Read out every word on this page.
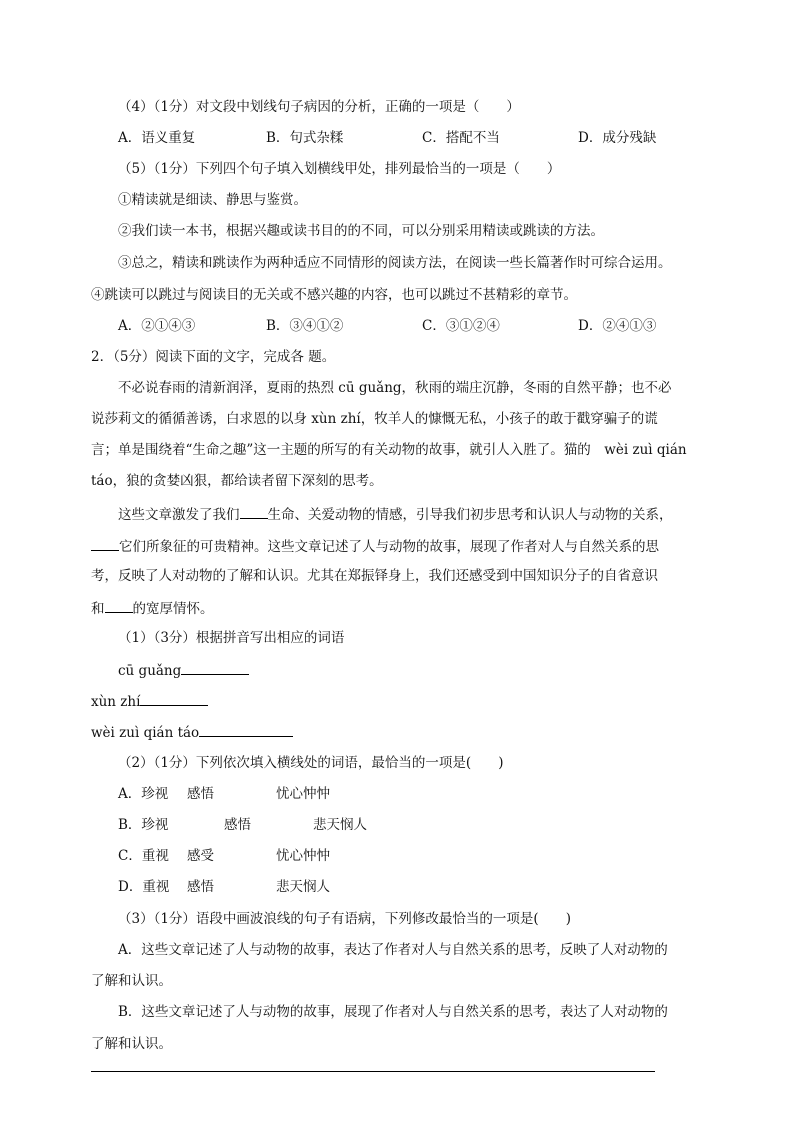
（4）（1分）对文段中划线句子病因的分析，正确的一项是（　　）
A．语义重复	B．句式杂糅	C．搭配不当	D．成分残缺
（5）（1分）下列四个句子填入划横线甲处，排列最恰当的一项是（　　）
①精读就是细读、静思与鉴赏。
②我们读一本书，根据兴趣或读书目的的不同，可以分别采用精读或跳读的方法。
③总之，精读和跳读作为两种适应不同情形的阅读方法，在阅读一些长篇著作时可综合运用。
④跳读可以跳过与阅读目的无关或不感兴趣的内容，也可以跳过不甚精彩的章节。
A．②①④③	B．③④①②	C．③①②④	D．②④①③
2．（5分）阅读下面的文字，完成各 题。
不必说春雨的清新润泽，夏雨的热烈 cū guǎng，秋雨的端庄沉静，冬雨的自然平静；也不必
说莎莉文的循循善诱，白求恩的以身 xùn zhí，牧羊人的慷慨无私，小孩子的敢于戳穿骗子的谎
言；单是围绕着“生命之趣”这一主题的所写的有关动物的故事，就引人入胜了。猫的　wèi zuì qián
táo，狼的贪婪凶狠，都给读者留下深刻的思考。
这些文章激发了我们 生命、关爱动物的情感，引导我们初步思考和认识人与动物的关系，
它们所象征的可贵精神。这些文章记述了人与动物的故事，展现了作者对人与自然关系的思
考，反映了人对动物的了解和认识。尤其在郑振铎身上，我们还感受到中国知识分子的自省意识
和 的宽厚情怀。
（1）（3分）根据拼音写出相应的词语
cū guǎng
xùn zhí
wèi zuì qián táo
（2）（1分）下列依次填入横线处的词语，最恰当的一项是(　　)
A．珍视 感悟	忧心忡忡
B．珍视	感悟	悲天悯人
C．重视 感受	忧心忡忡
D．重视 感悟	悲天悯人
（3）（1分）语段中画波浪线的句子有语病，下列修改最恰当的一项是(　　)
A．这些文章记述了人与动物的故事，表达了作者对人与自然关系的思考，反映了人对动物的
了解和认识。
B．这些文章记述了人与动物的故事，展现了作者对人与自然关系的思考，表达了人对动物的
了解和认识。
